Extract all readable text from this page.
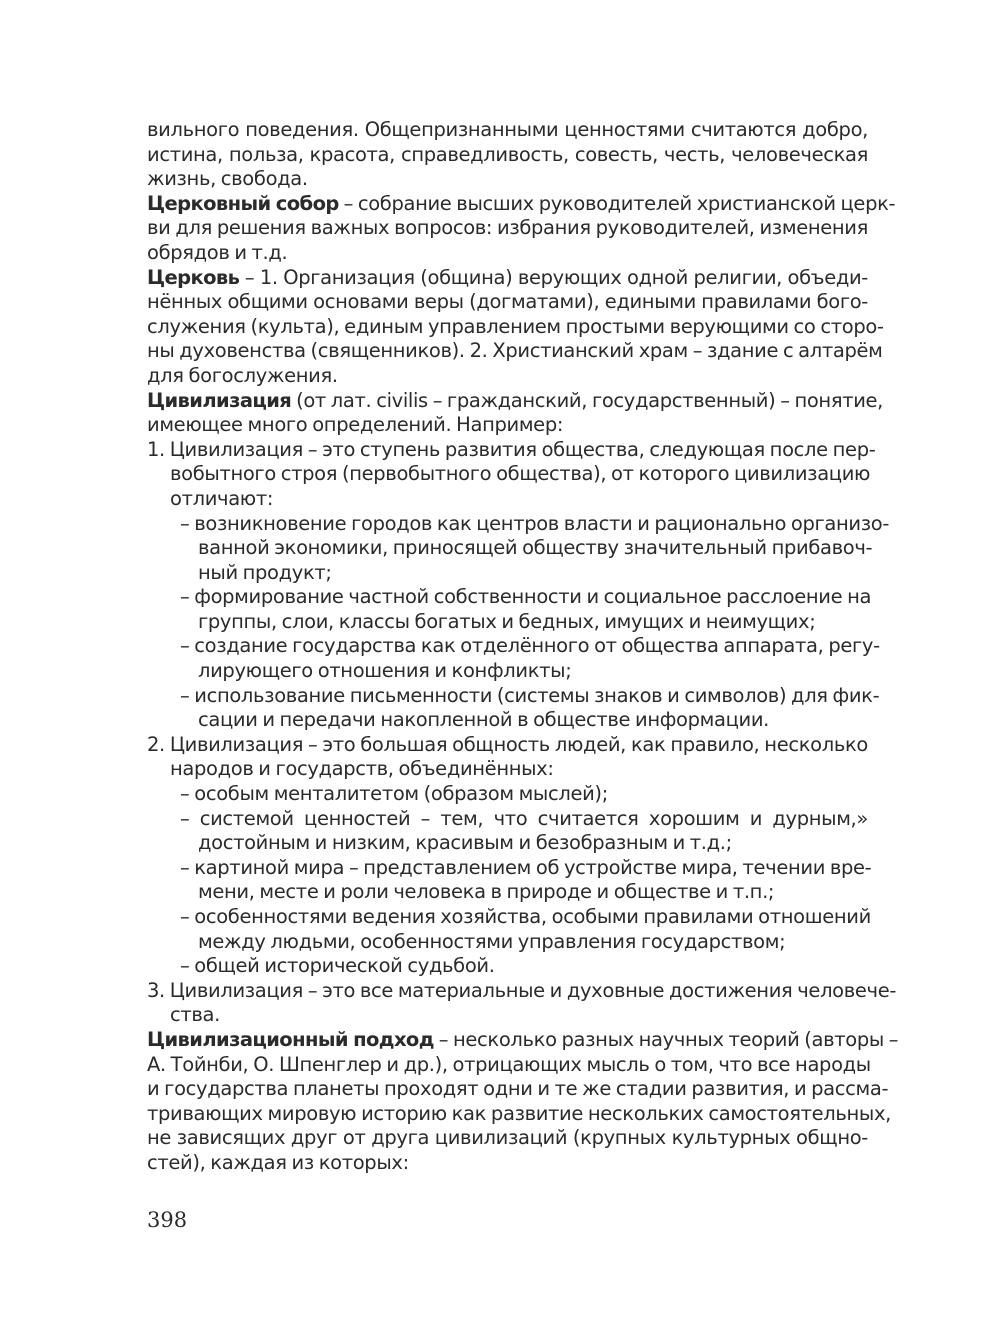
вильного поведения. Общепризнанными ценностями считаются добро,
истина, польза, красота, справедливость, совесть, честь, человеческая
жизнь, свобода.
Церковный собор – собрание высших руководителей христианской церк-
ви для решения важных вопросов: избрания руководителей, изменения
обрядов и т.д.
Церковь – 1. Организация (община) верующих одной религии, объеди-
нённых общими основами веры (догматами), едиными правилами бого-
служения (культа), единым управлением простыми верующими со сторо-
ны духовенства (священников). 2. Христианский храм – здание с алтарём
для богослужения.
Цивилизация (от лат. civilis – гражданский, государственный) – понятие,
имеющее много определений. Например:
1. Цивилизация – это ступень развития общества, следующая после пер-
вобытного строя (первобытного общества), от которого цивилизацию
отличают:
– возникновение городов как центров власти и рационально организо-
ванной экономики, приносящей обществу значительный прибавоч-
ный продукт;
– формирование частной собственности и социальное расслоение на
группы, слои, классы богатых и бедных, имущих и неимущих;
– создание государства как отделённого от общества аппарата, регу-
лирующего отношения и конфликты;
– использование письменности (системы знаков и символов) для фик-
сации и передачи накопленной в обществе информации.
2. Цивилизация – это большая общность людей, как правило, несколько
народов и государств, объединённых:
– особым менталитетом (образом мыслей);
– системой ценностей – тем, что считается хорошим и дурным,»
достойным и низким, красивым и безобразным и т.д.;
– картиной мира – представлением об устройстве мира, течении вре-
мени, месте и роли человека в природе и обществе и т.п.;
– особенностями ведения хозяйства, особыми правилами отношений
между людьми, особенностями управления государством;
– общей исторической судьбой.
3. Цивилизация – это все материальные и духовные достижения человече-
ства.
Цивилизационный подход – несколько разных научных теорий (авторы –
А. Тойнби, О. Шпенглер и др.), отрицающих мысль о том, что все народы
и государства планеты проходят одни и те же стадии развития, и рассма-
тривающих мировую историю как развитие нескольких самостоятельных,
не зависящих друг от друга цивилизаций (крупных культурных общно-
стей), каждая из которых:
398
